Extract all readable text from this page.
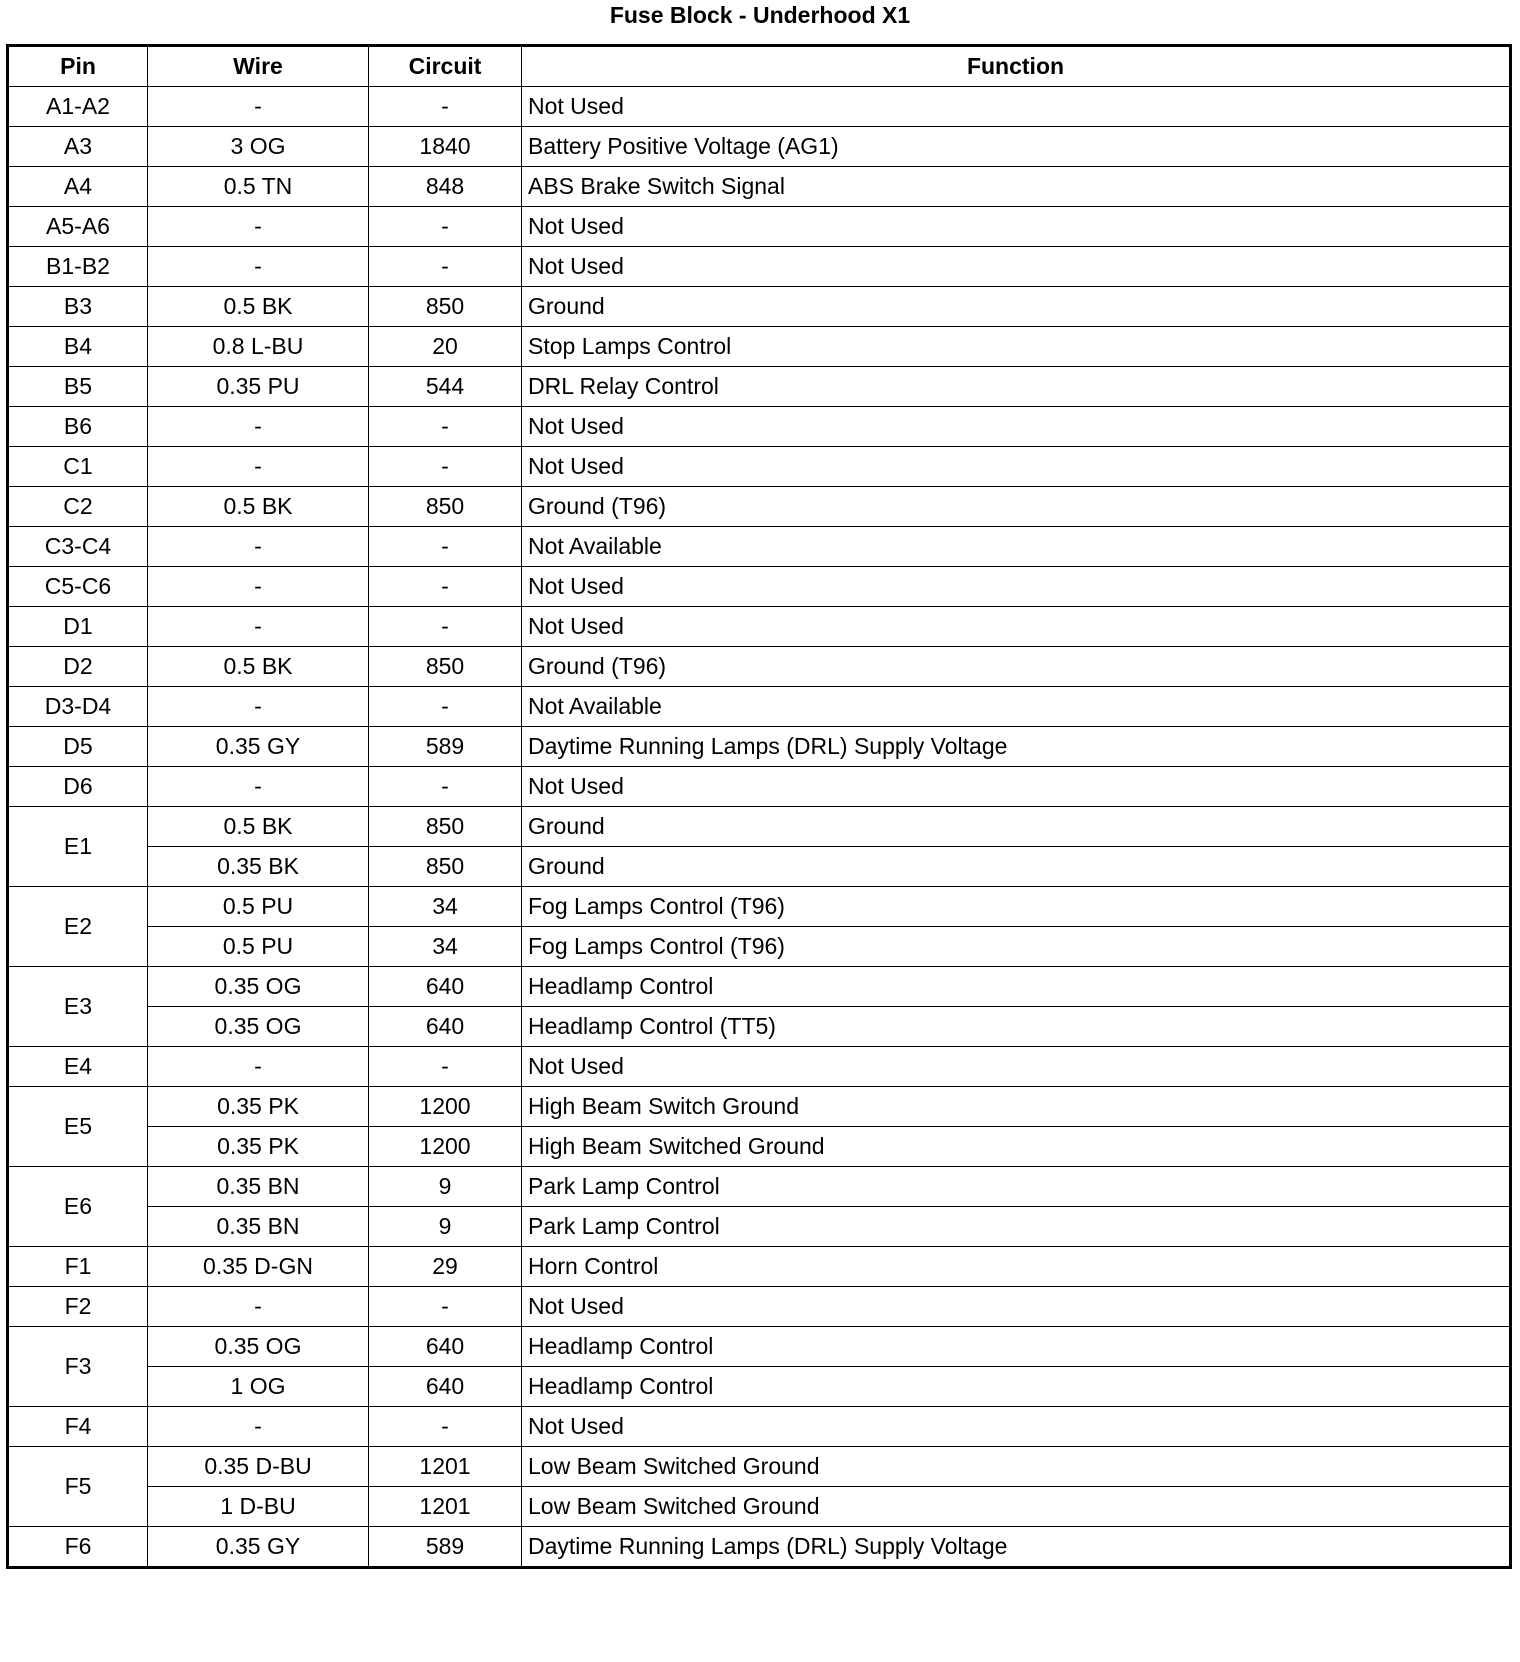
Fuse Block - Underhood X1
Pin	Wire	Circuit	Function
A1-A2	-	-	Not Used
A3	3 OG	1840	Battery Positive Voltage (AG1)
A4	0.5 TN	848	ABS Brake Switch Signal
A5-A6	-	-	Not Used
B1-B2	-	-	Not Used
B3	0.5 BK	850	Ground
B4	0.8 L-BU	20	Stop Lamps Control
B5	0.35 PU	544	DRL Relay Control
B6	-	-	Not Used
C1	-	-	Not Used
C2	0.5 BK	850	Ground (T96)
C3-C4	-	-	Not Available
C5-C6	-	-	Not Used
D1	-	-	Not Used
D2	0.5 BK	850	Ground (T96)
D3-D4	-	-	Not Available
D5	0.35 GY	589	Daytime Running Lamps (DRL) Supply Voltage
D6	-	-	Not Used
E1	0.5 BK	850	Ground
	0.35 BK	850	Ground
E2	0.5 PU	34	Fog Lamps Control (T96)
	0.5 PU	34	Fog Lamps Control (T96)
E3	0.35 OG	640	Headlamp Control
	0.35 OG	640	Headlamp Control (TT5)
E4	-	-	Not Used
E5	0.35 PK	1200	High Beam Switch Ground
	0.35 PK	1200	High Beam Switched Ground
E6	0.35 BN	9	Park Lamp Control
	0.35 BN	9	Park Lamp Control
F1	0.35 D-GN	29	Horn Control
F2	-	-	Not Used
F3	0.35 OG	640	Headlamp Control
	1 OG	640	Headlamp Control
F4	-	-	Not Used
F5	0.35 D-BU	1201	Low Beam Switched Ground
	1 D-BU	1201	Low Beam Switched Ground
F6	0.35 GY	589	Daytime Running Lamps (DRL) Supply Voltage
